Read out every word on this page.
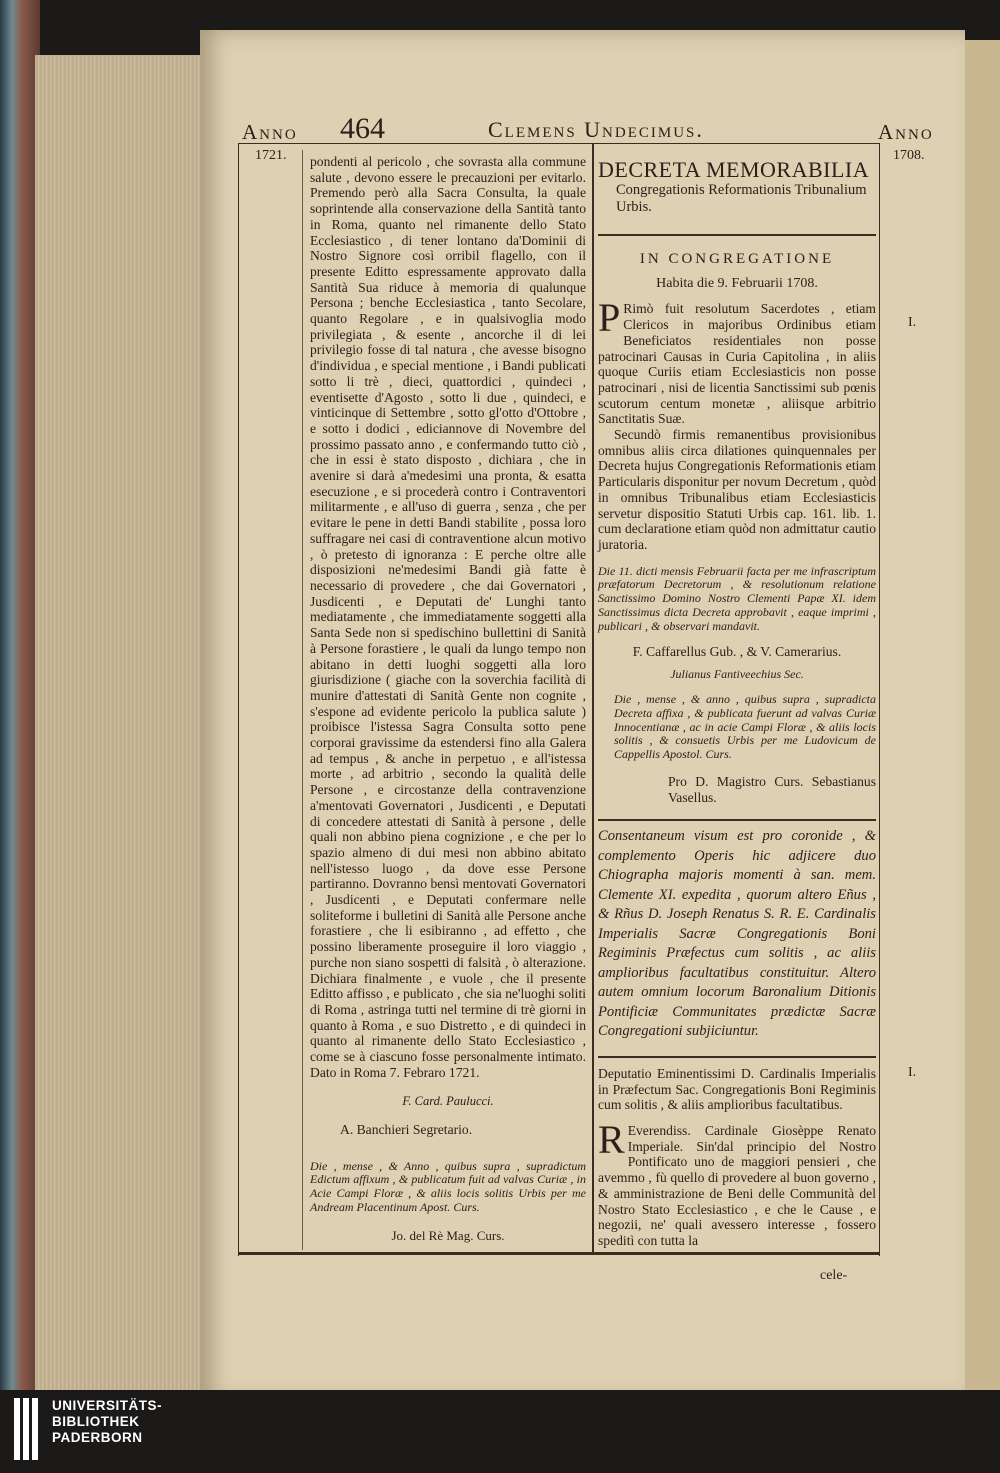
Anno 464	Clemens Undecimus.	Anno
1721.	1708.

pondenti al pericolo , che sovrasta alla commune salute , devono essere le precauzioni per evitarlo. Premendo però alla Sacra Consulta, la quale soprintende alla conservazione della Santità tanto in Roma, quanto nel rimanente dello Stato Ecclesiastico , di tener lontano da'Dominii di Nostro Signore così orribil flagello, con il presente Editto espressamente approvato dalla Santità Sua riduce à memoria di qualunque Persona ; benche Ecclesiastica , tanto Secolare, quanto Regolare , e in qualsivoglia modo privilegiata , & esente , ancorche il di lei privilegio fosse di tal natura , che avesse bisogno d'individua , e special mentione , i Bandi publicati sotto li trè , dieci, quattordici , quindeci , eventisette d'Agosto , sotto li due , quindeci, e vinticinque di Settembre , sotto gl'otto d'Ottobre , e sotto i dodici , ediciannove di Novembre del prossimo passato anno , e confermando tutto ciò , che in essi è stato disposto , dichiara , che in avenire si darà a'medesimi una pronta, & esatta esecuzione , e si procederà contro i Contraventori militarmente , e all'uso di guerra , senza , che per evitare le pene in detti Bandi stabilite , possa loro suffragare nei casi di contraventione alcun motivo , ò pretesto di ignoranza : E perche oltre alle disposizioni ne'medesimi Bandi già fatte è necessario di provedere , che dai Governatori , Jusdicenti , e Deputati de' Lunghi tanto mediatamente , che immediatamente soggetti alla Santa Sede non si spedischino bullettini di Sanità à Persone forastiere , le quali da lungo tempo non abitano in detti luoghi soggetti alla loro giurisdizione ( giache con la soverchia facilità di munire d'attestati di Sanità Gente non cognite , s'espone ad evidente pericolo la publica salute ) proibisce l'istessa Sagra Consulta sotto pene corporai gravissime da estendersi fino alla Galera ad tempus , & anche in perpetuo , e all'istessa morte , ad arbitrio , secondo la qualità delle Persone , e circostanze della contravenzione a'mentovati Governatori , Jusdicenti , e Deputati di concedere attestati di Sanità à persone , delle quali non abbino piena cognizione , e che per lo spazio almeno di dui mesi non abbino abitato nell'istesso luogo , da dove esse Persone partiranno. Dovranno bensì mentovati Governatori , Jusdicenti , e Deputati confermare nelle soliteforme i bulletini di Sanità alle Persone anche forastiere , che li esibiranno , ad effetto , che possino liberamente proseguire il loro viaggio , purche non siano sospetti di falsità , ò alterazione. Dichiara finalmente , e vuole , che il presente Editto affisso , e publicato , che sia ne'luoghi soliti di Roma , astringa tutti nel termine di trè giorni in quanto à Roma , e suo Distretto , e di quindeci in quanto al rimanente dello Stato Ecclesiastico , come se à ciascuno fosse personalmente intimato. Dato in Roma 7. Febraro 1721.

F. Card. Paulucci.

A. Banchieri Segretario.

Die , mense , & Anno , quibus supra , supradictum Edictum affixum , & publicatum fuit ad valvas Curiæ , in Acie Campi Floræ , & aliis locis solitis Urbis per me Andream Placentinum Apost. Curs.

Jo. del Rè Mag. Curs.

DECRETA MEMORABILIA

Congregationis Reformationis Tribunalium Urbis.

IN CONGREGATIONE

Habita die 9. Februarii 1708.

P Rimò fuit resolutum Sacerdotes , etiam Clericos in majoribus Ordinibus etiam Beneficiatos residentiales non posse patrocinari Causas in Curia Capitolina , in aliis quoque Curiis etiam Ecclesiasticis non posse patrocinari , nisi de licentia Sanctissimi sub pœnis scutorum centum monetæ , aliisque arbitrio Sanctitatis Suæ.

Secundò firmis remanentibus provisionibus omnibus aliis circa dilationes quinquennales per Decreta hujus Congregationis Reformationis etiam Particularis disponitur per novum Decretum , quòd in omnibus Tribunalibus etiam Ecclesiasticis servetur dispositio Statuti Urbis cap. 161. lib. 1. cum declaratione etiam quòd non admittatur cautio juratoria.

Die 11. dicti mensis Februarii facta per me infrascriptum præfatorum Decretorum , & resolutionum relatione Sanctissimo Domino Nostro Clementi Papæ XI. idem Sanctissimus dicta Decreta approbavit , eaque imprimi , publicari , & observari mandavit.

F. Caffarellus Gub. , & V. Camerarius.

Julianus Fantiveechius Sec.

Die , mense , & anno , quibus supra , supradicta Decreta affixa , & publicata fuerunt ad valvas Curiæ Innocentianæ , ac in acie Campi Floræ , & aliis locis solitis , & consuetis Urbis per me Ludovicum de Cappellis Apostol. Curs.

Pro D. Magistro Curs. Sebastianus Vasellus.

Consentaneum visum est pro coronide , & complemento Operis hic adjicere duo Chiographa majoris momenti à san. mem. Clemente XI. expedita , quorum altero Eñus , & Rñus D. Joseph Renatus S. R. E. Cardinalis Imperialis Sacræ Congregationis Boni Regiminis Præfectus cum solitis , ac aliis amplioribus facultatibus constituitur. Altero autem omnium locorum Baronalium Ditionis Pontificiæ Communitates prædictæ Sacræ Congregationi subjiciuntur.

Deputatio Eminentissimi D. Cardinalis Imperialis in Præfectum Sac. Congregationis Boni Regiminis cum solitis , & aliis amplioribus facultatibus.

R Everendiss. Cardinale Giosèppe Renato Imperiale. Sin'dal principio del Nostro Pontificato uno de maggiori pensieri , che avemmo , fù quello di provedere al buon governo , & amministrazione de Beni delle Communità del Nostro Stato Ecclesiastico , e che le Cause , e negozii, ne' quali avessero interesse , fossero speditì con tutta la

I.
I.
cele-
UNIVERSITÄTS-
BIBLIOTHEK
PADERBORN
